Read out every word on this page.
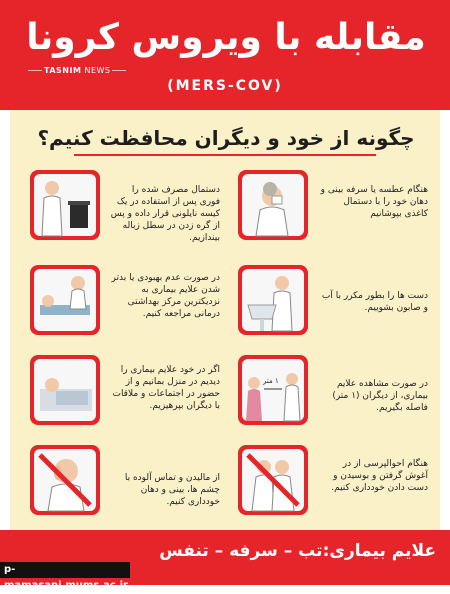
مقابله با ویروس کرونا
TASNIM NEWS
(MERS-COV)
چگونه از خود و دیگران محافظت کنیم؟
هنگام عطسه یا سرفه بینی و دهان خود را با دستمال کاغذی بپوشانیم
دستمال مصرف شده را فوری پس از استفاده در یک کیسه نایلونی قرار داده و پس از گره زدن در سطل زباله بیندازیم.
دست ها را بطور مکرر با آب و صابون بشوییم.
در صورت عدم بهبودی یا بدتر شدن علایم بیماری به نزدیکترین مرکز بهداشتی درمانی مراجعه کنیم.
۱ متر	در صورت مشاهده علایم بیماری، از دیگران (۱ متر) فاصله بگیریم.
اگر در خود علایم بیماری را دیدیم در منزل بمانیم و از حضور در اجتماعات و ملاقات با دیگران بپرهیزیم.
هنگام احوالپرسی از در آغوش گرفتن و بوسیدن و دست دادن خودداری کنیم.
از مالیدن و تماس آلوده با چشم ها، بینی و دهان خودداری کنیم.
علایم بیماری:تب – سرفه – تنفس
p-mamasani.mums.ac.ir
